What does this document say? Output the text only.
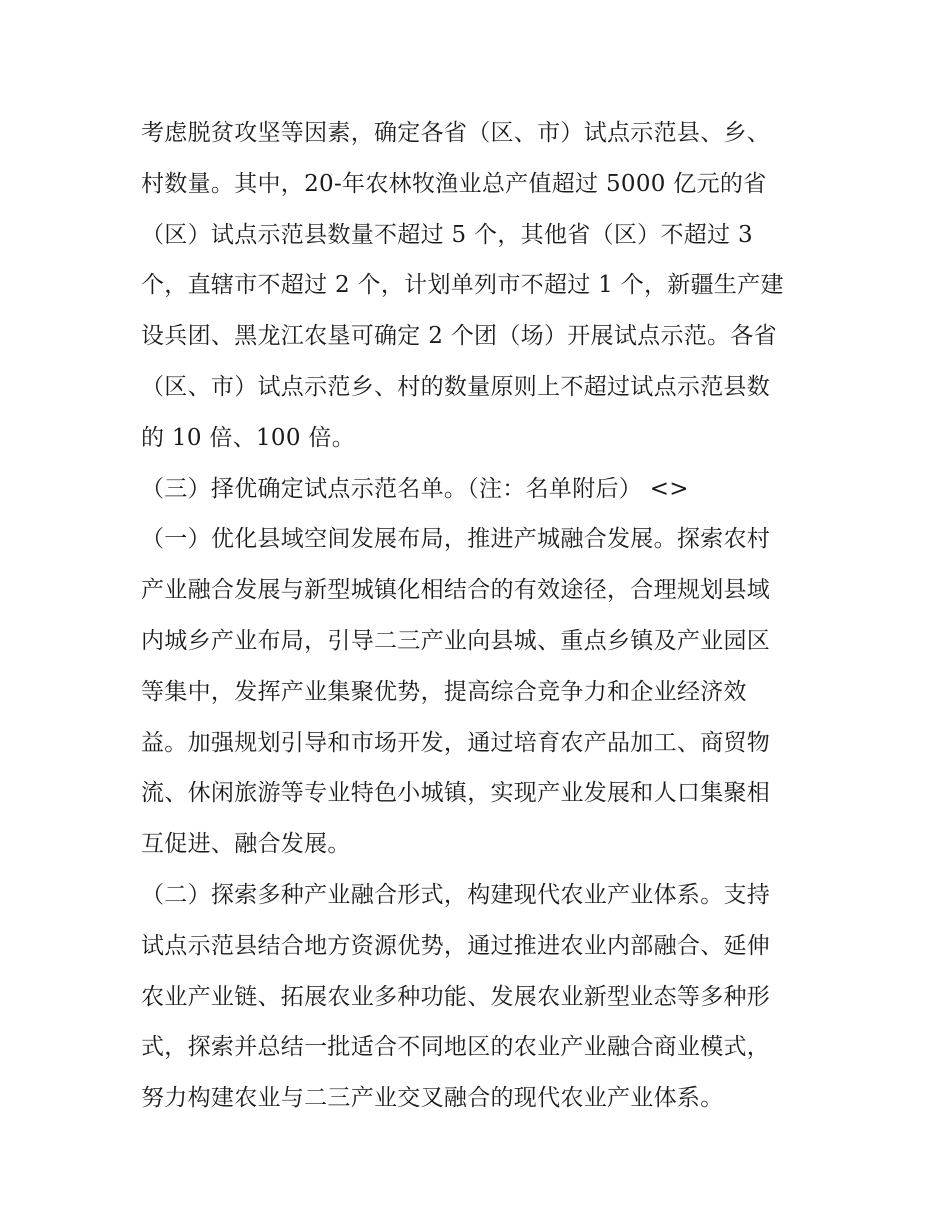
考虑脱贫攻坚等因素，确定各省（区、市）试点示范县、乡、
村数量。其中，20-年农林牧渔业总产值超过 5000 亿元的省
（区）试点示范县数量不超过 5 个，其他省（区）不超过 3
个，直辖市不超过 2 个，计划单列市不超过 1 个，新疆生产建
设兵团、黑龙江农垦可确定 2 个团（场）开展试点示范。各省
（区、市）试点示范乡、村的数量原则上不超过试点示范县数
的 10 倍、100 倍。
（三）择优确定试点示范名单。（注：名单附后） <>
（一）优化县域空间发展布局，推进产城融合发展。探索农村
产业融合发展与新型城镇化相结合的有效途径，合理规划县域
内城乡产业布局，引导二三产业向县城、重点乡镇及产业园区
等集中，发挥产业集聚优势，提高综合竞争力和企业经济效
益。加强规划引导和市场开发，通过培育农产品加工、商贸物
流、休闲旅游等专业特色小城镇，实现产业发展和人口集聚相
互促进、融合发展。
（二）探索多种产业融合形式，构建现代农业产业体系。支持
试点示范县结合地方资源优势，通过推进农业内部融合、延伸
农业产业链、拓展农业多种功能、发展农业新型业态等多种形
式，探索并总结一批适合不同地区的农业产业融合商业模式，
努力构建农业与二三产业交叉融合的现代农业产业体系。
